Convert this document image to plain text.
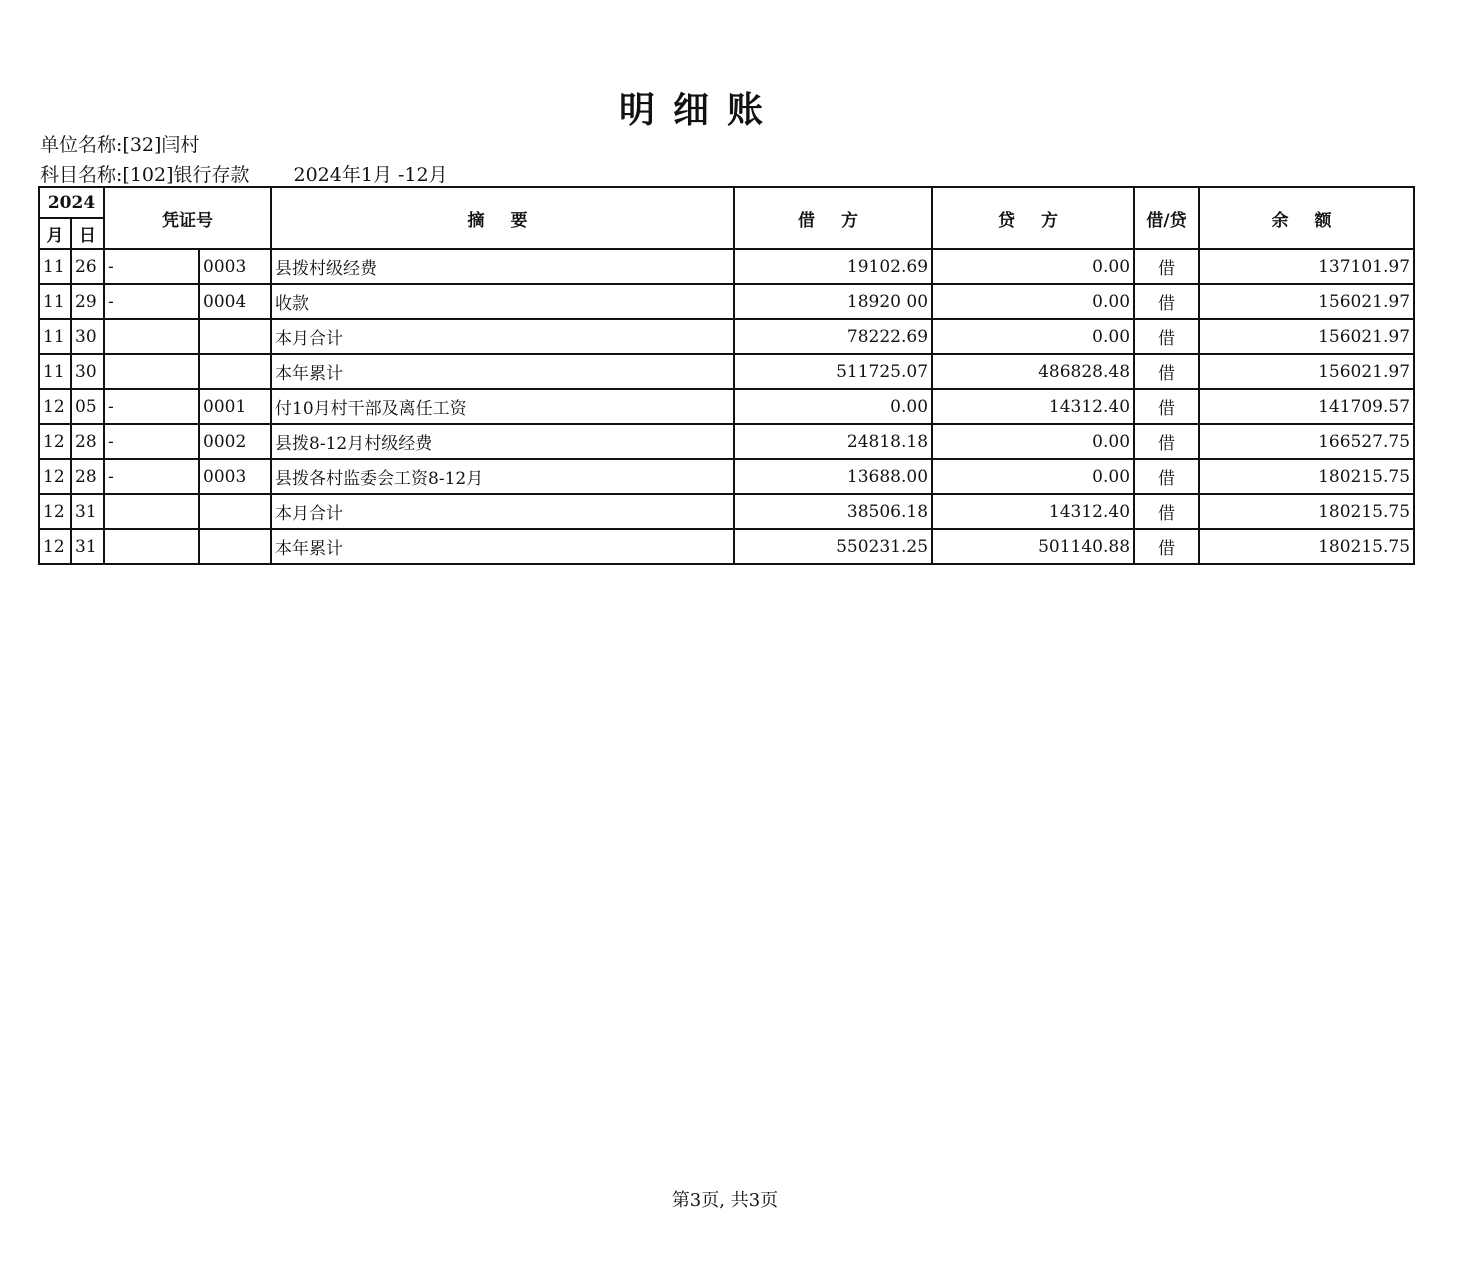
明细账
单位名称:[32]闫村
科目名称:[102]银行存款 2024年1月 -12月
2024		凭证号		摘 要	借 方	贷 方	借/贷	余 额
月	日							
11	26	-	0003	县拨村级经费	19102.69	0.00	借	137101.97
11	29	-	0004	收款	18920 00	0.00	借	156021.97
11	30			本月合计	78222.69	0.00	借	156021.97
11	30			本年累计	511725.07	486828.48	借	156021.97
12	05	-	0001	付10月村干部及离任工资	0.00	14312.40	借	141709.57
12	28	-	0002	县拨8-12月村级经费	24818.18	0.00	借	166527.75
12	28	-	0003	县拨各村监委会工资8-12月	13688.00	0.00	借	180215.75
12	31			本月合计	38506.18	14312.40	借	180215.75
12	31			本年累计	550231.25	501140.88	借	180215.75
第3页, 共3页
